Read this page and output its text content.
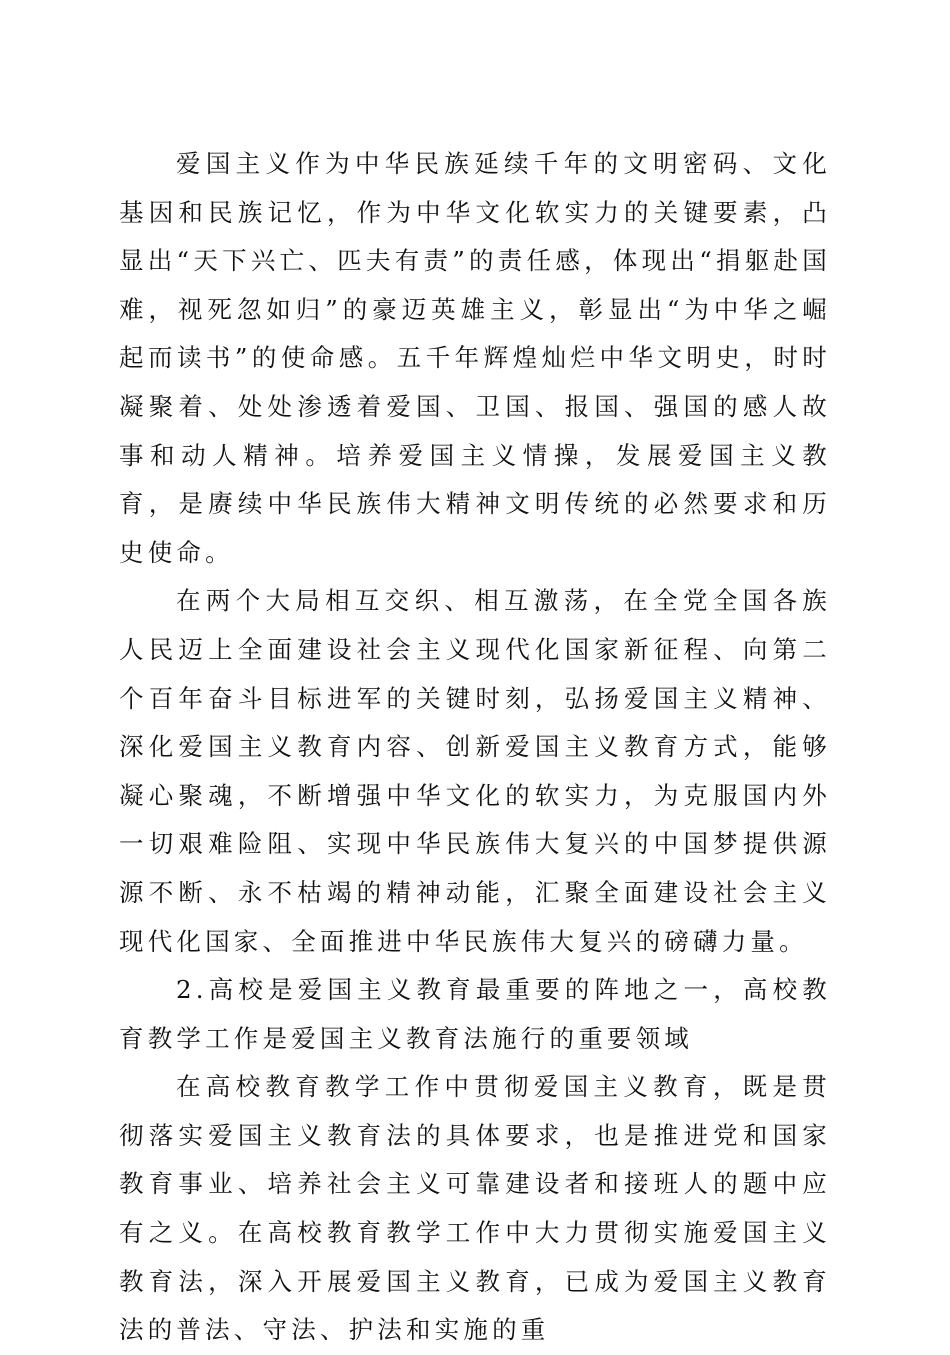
爱国主义作为中华民族延续千年的文明密码、文化基因和民族记忆，作为中华文化软实力的关键要素，凸显出“天下兴亡、匹夫有责”的责任感，体现出“捐躯赴国难，视死忽如归”的豪迈英雄主义，彰显出“为中华之崛起而读书”的使命感。五千年辉煌灿烂中华文明史，时时凝聚着、处处渗透着爱国、卫国、报国、强国的感人故事和动人精神。培养爱国主义情操，发展爱国主义教育，是赓续中华民族伟大精神文明传统的必然要求和历史使命。

在两个大局相互交织、相互激荡，在全党全国各族人民迈上全面建设社会主义现代化国家新征程、向第二个百年奋斗目标进军的关键时刻，弘扬爱国主义精神、深化爱国主义教育内容、创新爱国主义教育方式，能够凝心聚魂，不断增强中华文化的软实力，为克服国内外一切艰难险阻、实现中华民族伟大复兴的中国梦提供源源不断、永不枯竭的精神动能，汇聚全面建设社会主义现代化国家、全面推进中华民族伟大复兴的磅礴力量。

2.高校是爱国主义教育最重要的阵地之一，高校教育教学工作是爱国主义教育法施行的重要领域

在高校教育教学工作中贯彻爱国主义教育，既是贯彻落实爱国主义教育法的具体要求，也是推进党和国家教育事业、培养社会主义可靠建设者和接班人的题中应有之义。在高校教育教学工作中大力贯彻实施爱国主义教育法，深入开展爱国主义教育，已成为爱国主义教育法的普法、守法、护法和实施的重
